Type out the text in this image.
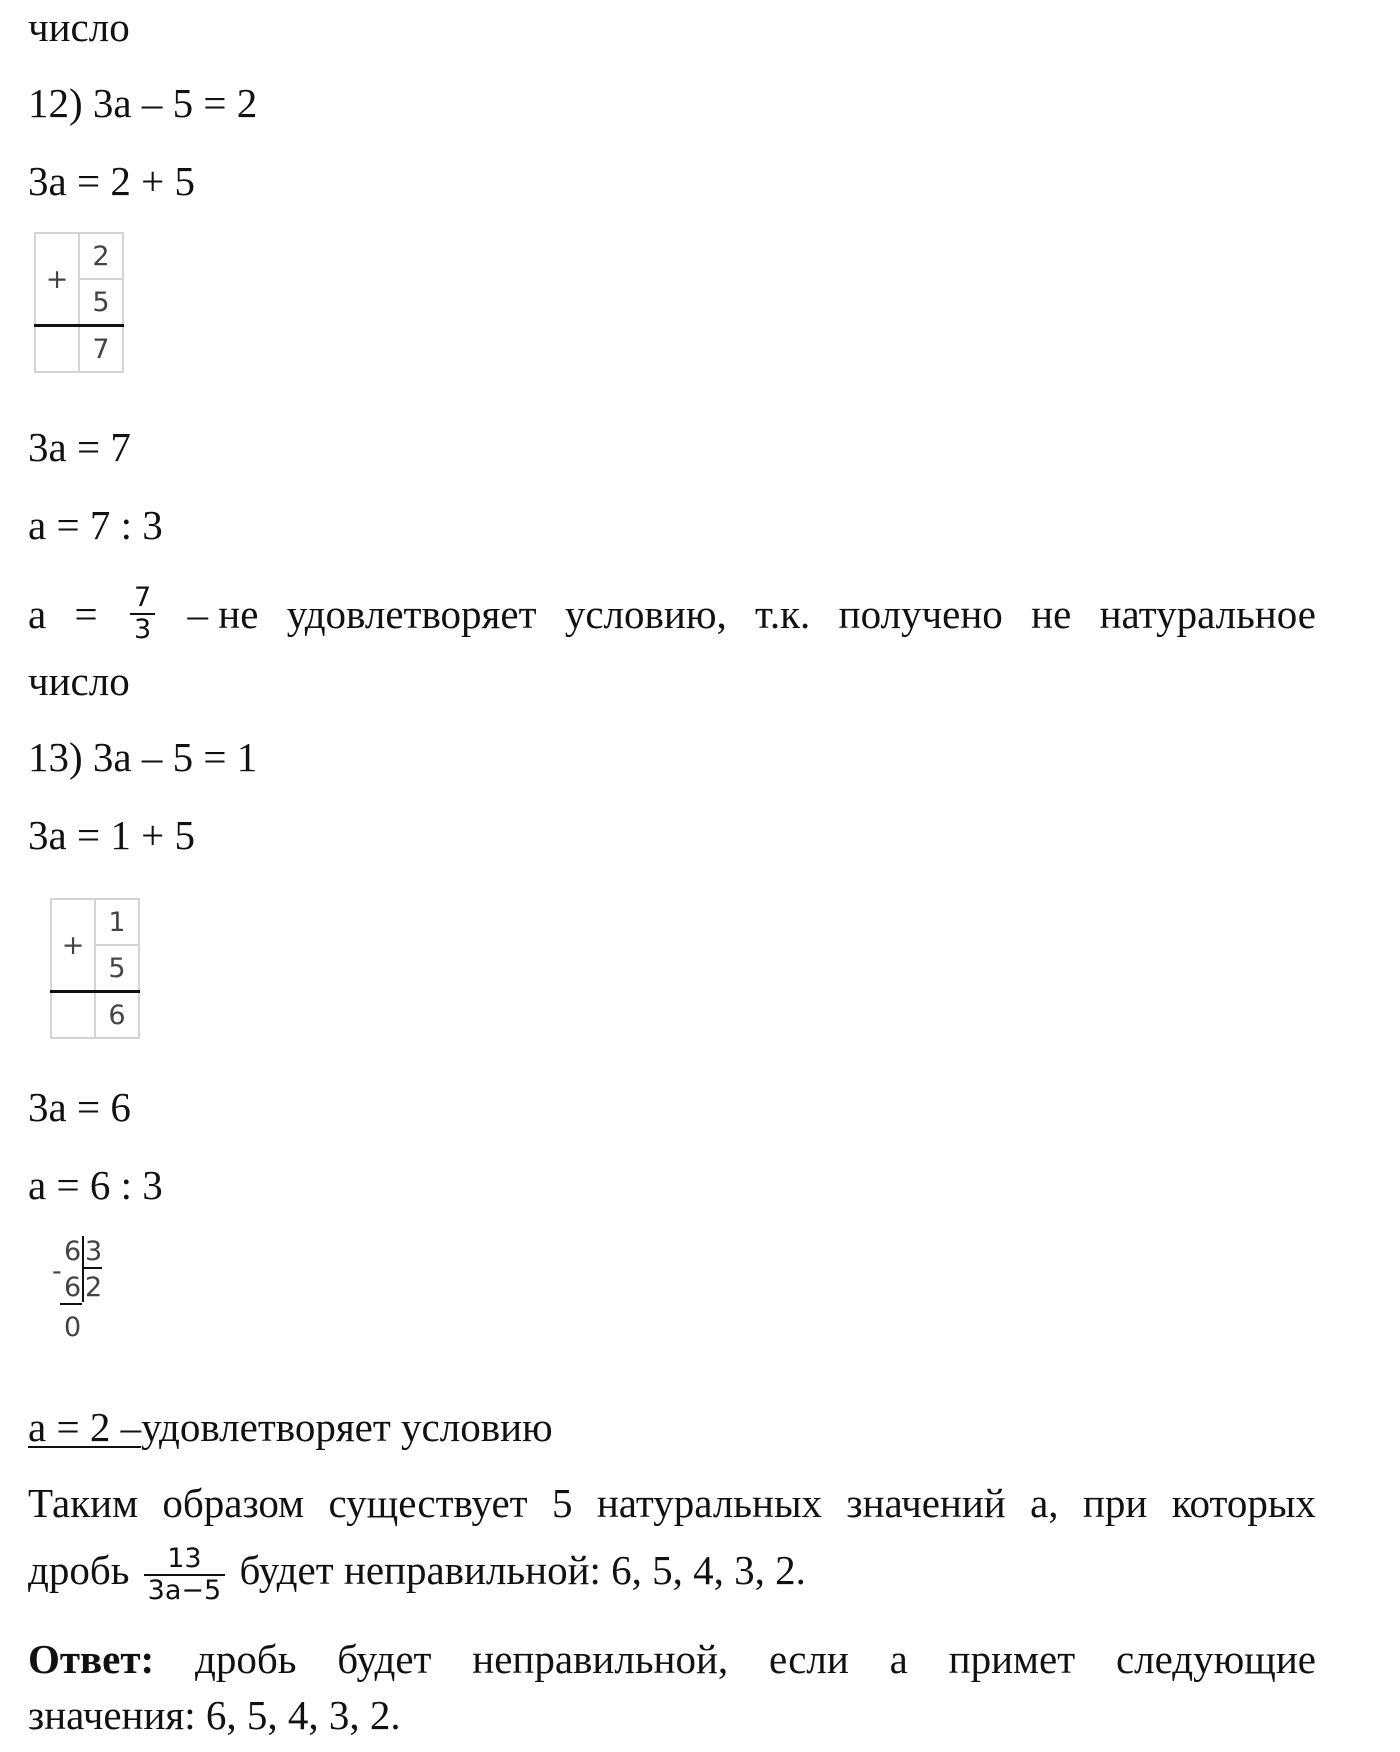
число

12) 3a – 5 = 2

3a = 2 + 5

+	2
	5
	7

3a = 7

a = 7 : 3

$a = \frac{7}{3}$ – не удовлетворяет условию, т.к. получено не натуральное

число

13) 3a – 5 = 1

3a = 1 + 5

+	1
	5
	6

3a = 6

a = 6 : 3

6 3
-
6 2
0

a = 2 –удовлетворяет условию

Таким образом существует 5 натуральных значений a, при которых

дробь $\frac{13}{3a-5}$ будет неправильной: 6, 5, 4, 3, 2.

Ответ: дробь будет неправильной, если a примет следующие

значения: 6, 5, 4, 3, 2.
